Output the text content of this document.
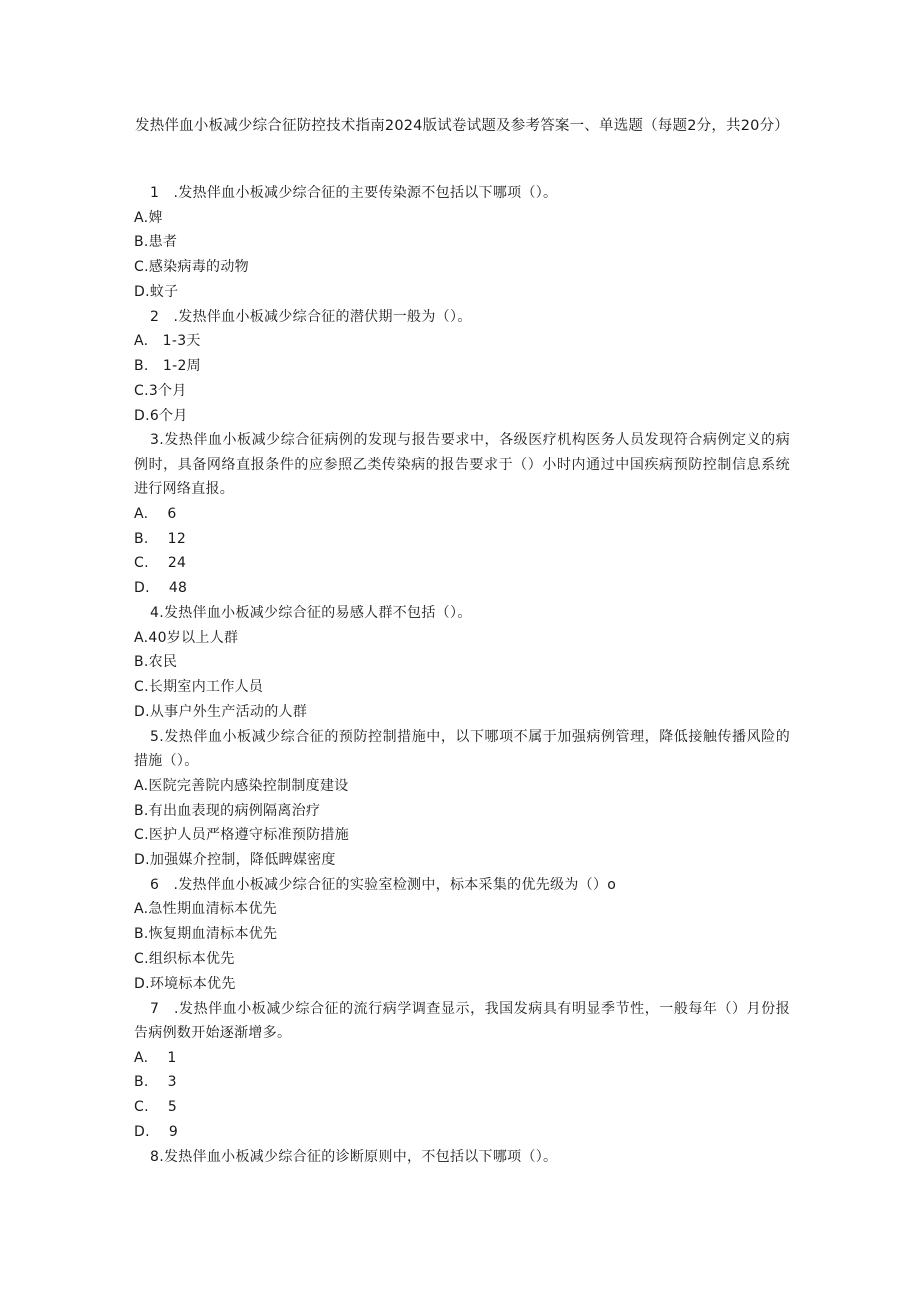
发热伴血小板减少综合征防控技术指南2024版试卷试题及参考答案一、单选题（每题2分，共20分）

1　.发热伴血小板减少综合征的主要传染源不包括以下哪项（）。

A.婢

B.患者

C.感染病毒的动物

D.蚊子

2　.发热伴血小板减少综合征的潜伏期一般为（）。

A.   1-3天

B.   1-2周

C.3个月

D.6个月

3.发热伴血小板减少综合征病例的发现与报告要求中，各级医疗机构医务人员发现符合病例定义的病例时，具备网络直报条件的应参照乙类传染病的报告要求于（）小时内通过中国疾病预防控制信息系统进行网络直报。

A.    6

B.    12

C.    24

D.    48

4.发热伴血小板减少综合征的易感人群不包括（）。

A.40岁以上人群

B.农民

C.长期室内工作人员

D.从事户外生产活动的人群

5.发热伴血小板减少综合征的预防控制措施中，以下哪项不属于加强病例管理，降低接触传播风险的措施（）。

A.医院完善院内感染控制制度建设

B.有出血表现的病例隔离治疗

C.医护人员严格遵守标准预防措施

D.加强媒介控制，降低睥媒密度

6　.发热伴血小板减少综合征的实验室检测中，标本采集的优先级为（）o

A.急性期血清标本优先

B.恢复期血清标本优先

C.组织标本优先

D.环境标本优先

7　.发热伴血小板减少综合征的流行病学调查显示，我国发病具有明显季节性，一般每年（）月份报告病例数开始逐渐增多。

A.    1

B.    3

C.    5

D.    9

8.发热伴血小板减少综合征的诊断原则中，不包括以下哪项（）。
